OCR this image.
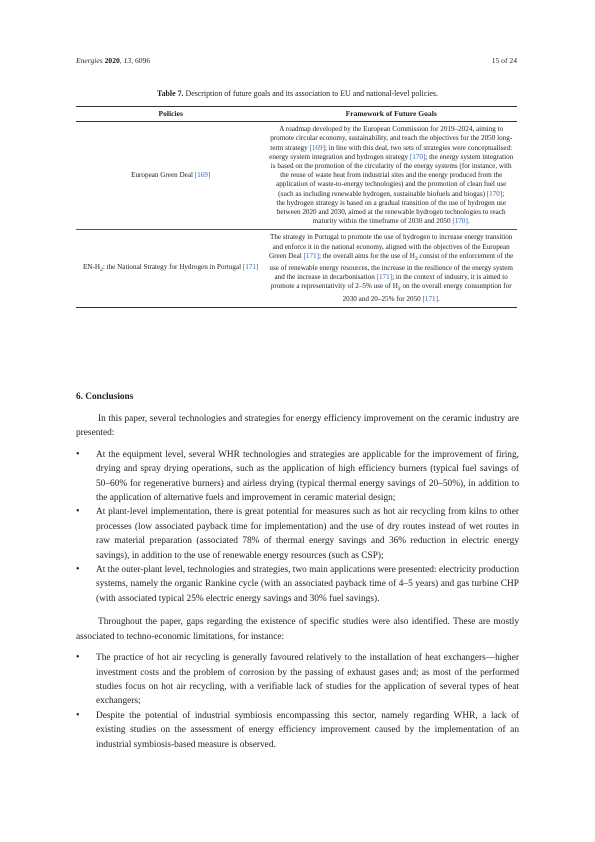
Energies 2020, 13, 6096	15 of 24
Table 7. Description of future goals and its association to EU and national-level policies.
Policies	Framework of Future Goals
European Green Deal [169]	A roadmap developed by the European Commission for 2019–2024, aiming to promote circular economy, sustainability, and reach the objectives for the 2050 long-term strategy [169]; in line with this deal, two sets of strategies were conceptualised: energy system integration and hydrogen strategy [170]; the energy system integration is based on the promotion of the circularity of the energy systems (for instance, with the reuse of waste heat from industrial sites and the energy produced from the application of waste-to-energy technologies) and the promotion of clean fuel use (such as including renewable hydrogen, sustainable biofuels and biogas) [170];
the hydrogen strategy is based on a gradual transition of the use of hydrogen use between 2020 and 2030, aimed at the renewable hydrogen technologies to reach maturity within the timeframe of 2030 and 2050 [170].
$EN-H_2$: the National Strategy for Hydrogen in Portugal [171]	The strategy in Portugal to promote the use of hydrogen to increase energy transition and enforce it in the national economy, aligned with the objectives of the European Green Deal [171]; the overall aims for the use of $H_2$ consist of the enforcement of the use of renewable energy resources, the increase in the resilience of the energy system and the increase in decarbonisation [171]; in the context of industry, it is aimed to promote a representativity of 2–5% use of $H_2$ on the overall energy consumption for 2030 and 20–25% for 2050 [171].
6. Conclusions

In this paper, several technologies and strategies for energy efficiency improvement on the ceramic industry are presented:

• At the equipment level, several WHR technologies and strategies are applicable for the improvement of firing, drying and spray drying operations, such as the application of high efficiency burners (typical fuel savings of 50–60% for regenerative burners) and airless drying (typical thermal energy savings of 20–50%), in addition to the application of alternative fuels and improvement in ceramic material design;
• At plant-level implementation, there is great potential for measures such as hot air recycling from kilns to other processes (low associated payback time for implementation) and the use of dry routes instead of wet routes in raw material preparation (associated 78% of thermal energy savings and 36% reduction in electric energy savings), in addition to the use of renewable energy resources (such as CSP);
• At the outer-plant level, technologies and strategies, two main applications were presented: electricity production systems, namely the organic Rankine cycle (with an associated payback time of 4–5 years) and gas turbine CHP (with associated typical 25% electric energy savings and 30% fuel savings).

Throughout the paper, gaps regarding the existence of specific studies were also identified. These are mostly associated to techno-economic limitations, for instance:

• The practice of hot air recycling is generally favoured relatively to the installation of heat exchangers—higher investment costs and the problem of corrosion by the passing of exhaust gases and; as most of the performed studies focus on hot air recycling, with a verifiable lack of studies for the application of several types of heat exchangers;
• Despite the potential of industrial symbiosis encompassing this sector, namely regarding WHR, a lack of existing studies on the assessment of energy efficiency improvement caused by the implementation of an industrial symbiosis-based measure is observed.
